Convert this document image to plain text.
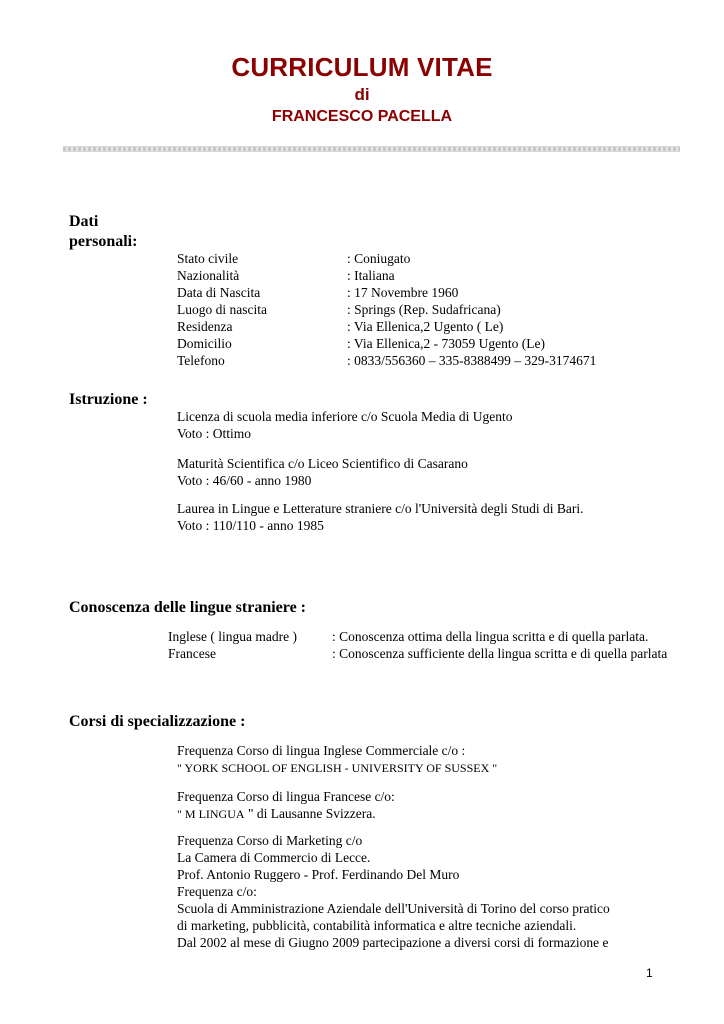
CURRICULUM VITAE
di
FRANCESCO PACELLA
Dati
personali:
Stato civile	: Coniugato
Nazionalità	: Italiana
Data di Nascita	: 17 Novembre 1960
Luogo di nascita	: Springs (Rep. Sudafricana)
Residenza	: Via Ellenica,2 Ugento ( Le)
Domicilio	: Via Ellenica,2 - 73059 Ugento (Le)
Telefono	: 0833/556360 – 335-8388499 – 329-3174671
Istruzione :
Licenza di scuola media inferiore c/o Scuola Media di Ugento
Voto : Ottimo
Maturità Scientifica c/o Liceo Scientifico di Casarano
Voto : 46/60 - anno 1980
Laurea in Lingue e Letterature straniere c/o l'Università degli Studi di Bari.
Voto : 110/110 - anno 1985
Conoscenza delle lingue straniere :
Inglese ( lingua madre )	: Conoscenza ottima della lingua scritta e di quella parlata.
Francese	: Conoscenza sufficiente della lingua scritta e di quella parlata
Corsi di specializzazione :
Frequenza Corso di lingua Inglese Commerciale c/o :
" YORK SCHOOL OF ENGLISH - UNIVERSITY OF SUSSEX "
Frequenza Corso di lingua Francese c/o:
" M LINGUA " di Lausanne Svizzera.
Frequenza Corso di Marketing c/o
La Camera di Commercio di Lecce.
Prof. Antonio Ruggero - Prof. Ferdinando Del Muro
Frequenza c/o:
Scuola di Amministrazione Aziendale dell'Università di Torino del corso pratico
di marketing, pubblicità, contabilità informatica e altre tecniche aziendali.
Dal 2002 al mese di Giugno 2009 partecipazione a diversi corsi di formazione e
1
